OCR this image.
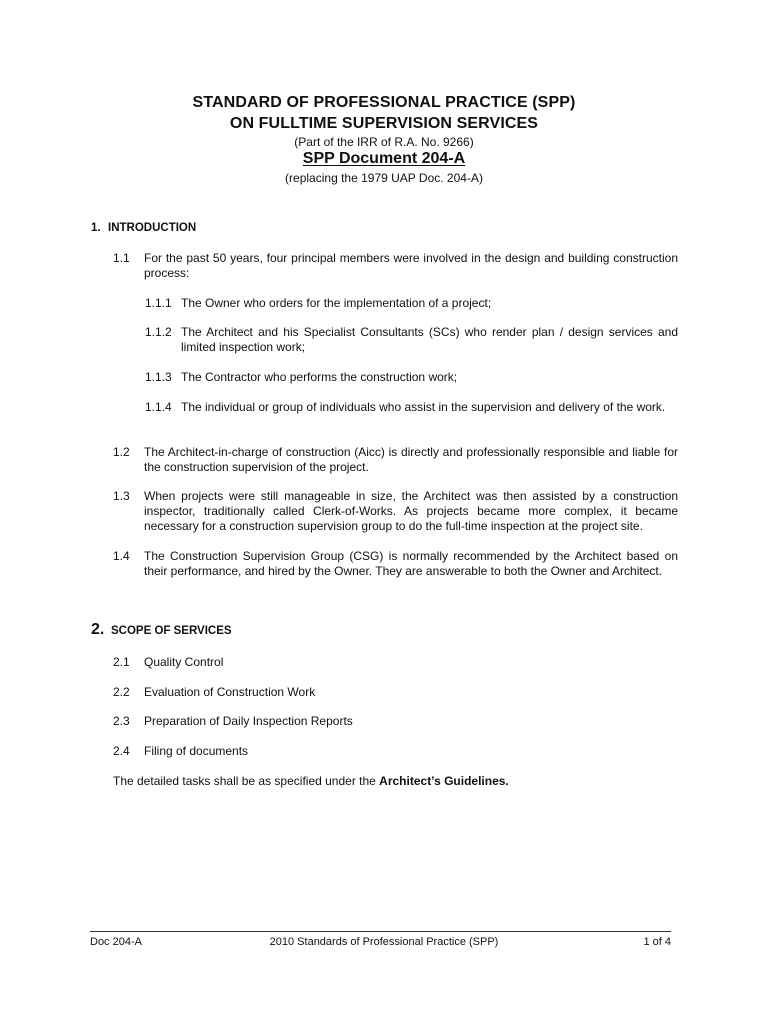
STANDARD OF PROFESSIONAL PRACTICE (SPP)
ON FULLTIME SUPERVISION SERVICES
(Part of the IRR of R.A. No. 9266)
SPP Document 204-A
(replacing the 1979 UAP Doc. 204-A)
1. INTRODUCTION
1.1 For the past 50 years, four principal members were involved in the design and building construction process:
1.1.1 The Owner who orders for the implementation of a project;
1.1.2 The Architect and his Specialist Consultants (SCs) who render plan / design services and limited inspection work;
1.1.3 The Contractor who performs the construction work;
1.1.4 The individual or group of individuals who assist in the supervision and delivery of the work.
1.2 The Architect-in-charge of construction (Aicc) is directly and professionally responsible and liable for the construction supervision of the project.
1.3 When projects were still manageable in size, the Architect was then assisted by a construction inspector, traditionally called Clerk-of-Works. As projects became more complex, it became necessary for a construction supervision group to do the full-time inspection at the project site.
1.4 The Construction Supervision Group (CSG) is normally recommended by the Architect based on their performance, and hired by the Owner. They are answerable to both the Owner and Architect.
2. SCOPE OF SERVICES
2.1 Quality Control
2.2 Evaluation of Construction Work
2.3 Preparation of Daily Inspection Reports
2.4 Filing of documents
The detailed tasks shall be as specified under the Architect’s Guidelines.
Doc 204-A	2010 Standards of Professional Practice (SPP)	1 of 4
